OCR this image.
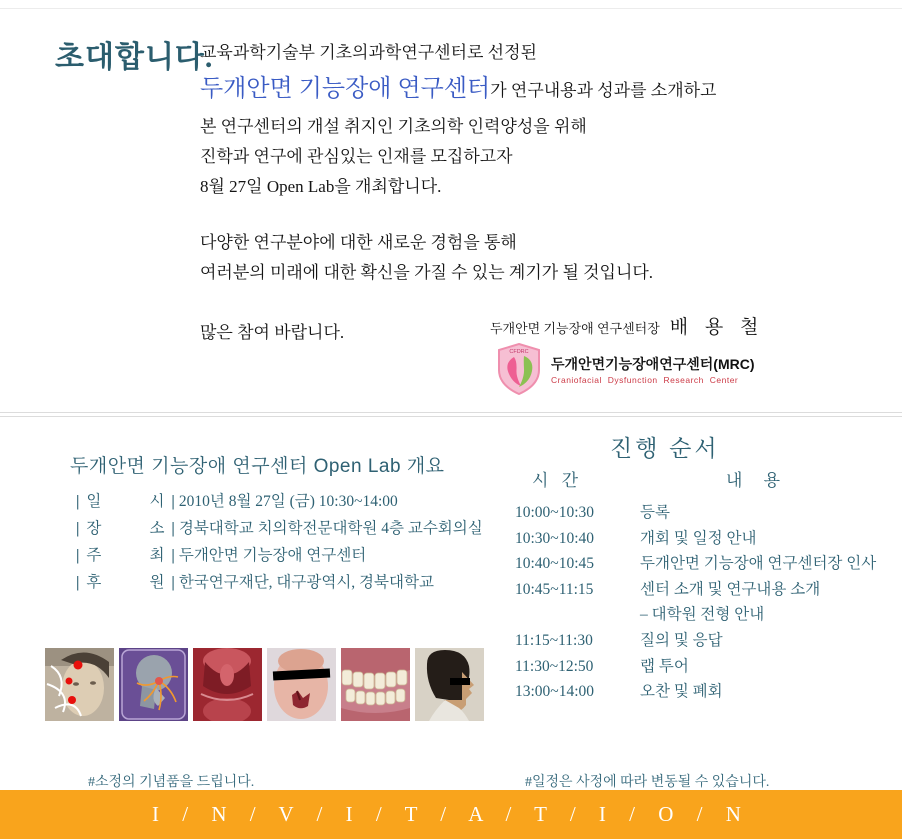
초대합니다.

교육과학기술부 기초의과학연구센터로 선정된

두개안면 기능장애 연구센터가 연구내용과 성과를 소개하고

본 연구센터의 개설 취지인 기초의학 인력양성을 위해

진학과 연구에 관심있는 인재를 모집하고자

8월 27일 Open Lab을 개최합니다.

다양한 연구분야에 대한 새로운 경험을 통해

여러분의 미래에 대한 확신을 가질 수 있는 계기가 될 것입니다.

많은 참여 바랍니다.	두개안면 기능장애 연구센터장 배 용 철
CFDRC
두개안면기능장애연구센터(MRC)
Craniofacial Dysfunction Research Center
두개안면 기능장애 연구센터 Open Lab 개요
| 일 시 | 2010년 8월 27일 (금) 10:30~14:00
| 장 소 | 경북대학교 치의학전문대학원 4층 교수회의실
| 주 최 | 두개안면 기능장애 연구센터
| 후 원 | 한국연구재단, 대구광역시, 경북대학교
진행 순서
시 간	내 용
10:00~10:30	등록
10:30~10:40	개회 및 일정 안내
10:40~10:45	두개안면 기능장애 연구센터장 인사
10:45~11:15	센터 소개 및 연구내용 소개
– 대학원 전형 안내
11:15~11:30	질의 및 응답
11:30~12:50	랩 투어
13:00~14:00	오찬 및 폐회

#소정의 기념품을 드립니다.	#일정은 사정에 따라 변동될 수 있습니다.

I / N / V / I / T / A / T / I / O / N
